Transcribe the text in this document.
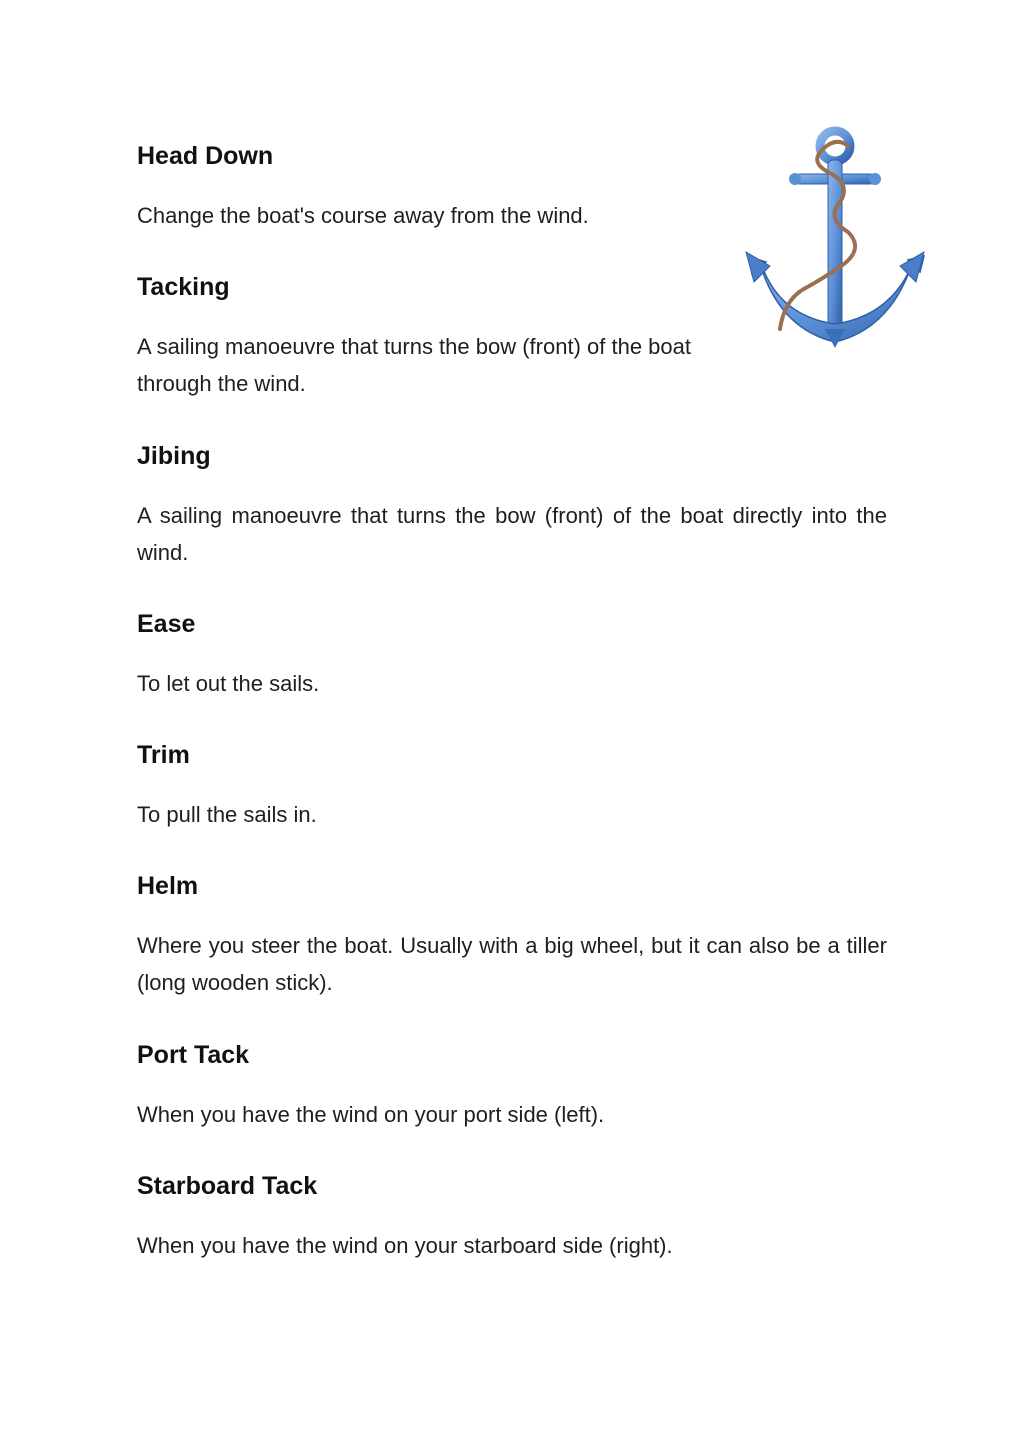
Head Down

Change the boat's course away from the wind.

Tacking

A sailing manoeuvre that turns the bow (front) of the boat through the wind.

Jibing

A sailing manoeuvre that turns the bow (front) of the boat directly into the wind.

Ease

To let out the sails.

Trim

To pull the sails in.

Helm

Where you steer the boat. Usually with a big wheel, but it can also be a tiller (long wooden stick).

Port Tack

When you have the wind on your port side (left).

Starboard Tack

When you have the wind on your starboard side (right).
